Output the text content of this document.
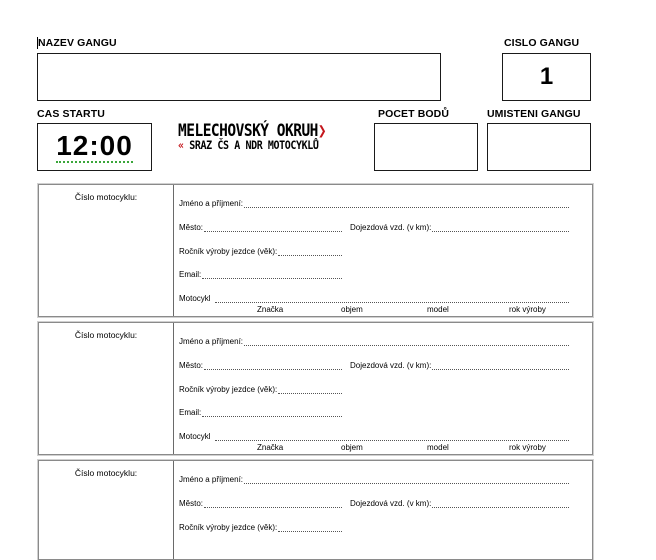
NAZEV GANGU	CISLO GANGU
1
CAS STARTU
12:00	MELECHOVSKÝ OKRUH❯
« SRAZ ČS A NDR MOTOCYKLŮ
POCET BODŮ	UMISTENI GANGU
Číslo motocyklu:
Jméno a příjmení:
Město:	Dojezdová vzd. (v km):
Ročník výroby jezdce (věk):
Email:
Motocykl
Značka	objem	model	rok výroby
Číslo motocyklu:
Jméno a příjmení:
Město:	Dojezdová vzd. (v km):
Ročník výroby jezdce (věk):
Email:
Motocykl
Značka	objem	model	rok výroby
Číslo motocyklu:
Jméno a příjmení:
Město:	Dojezdová vzd. (v km):
Ročník výroby jezdce (věk):
